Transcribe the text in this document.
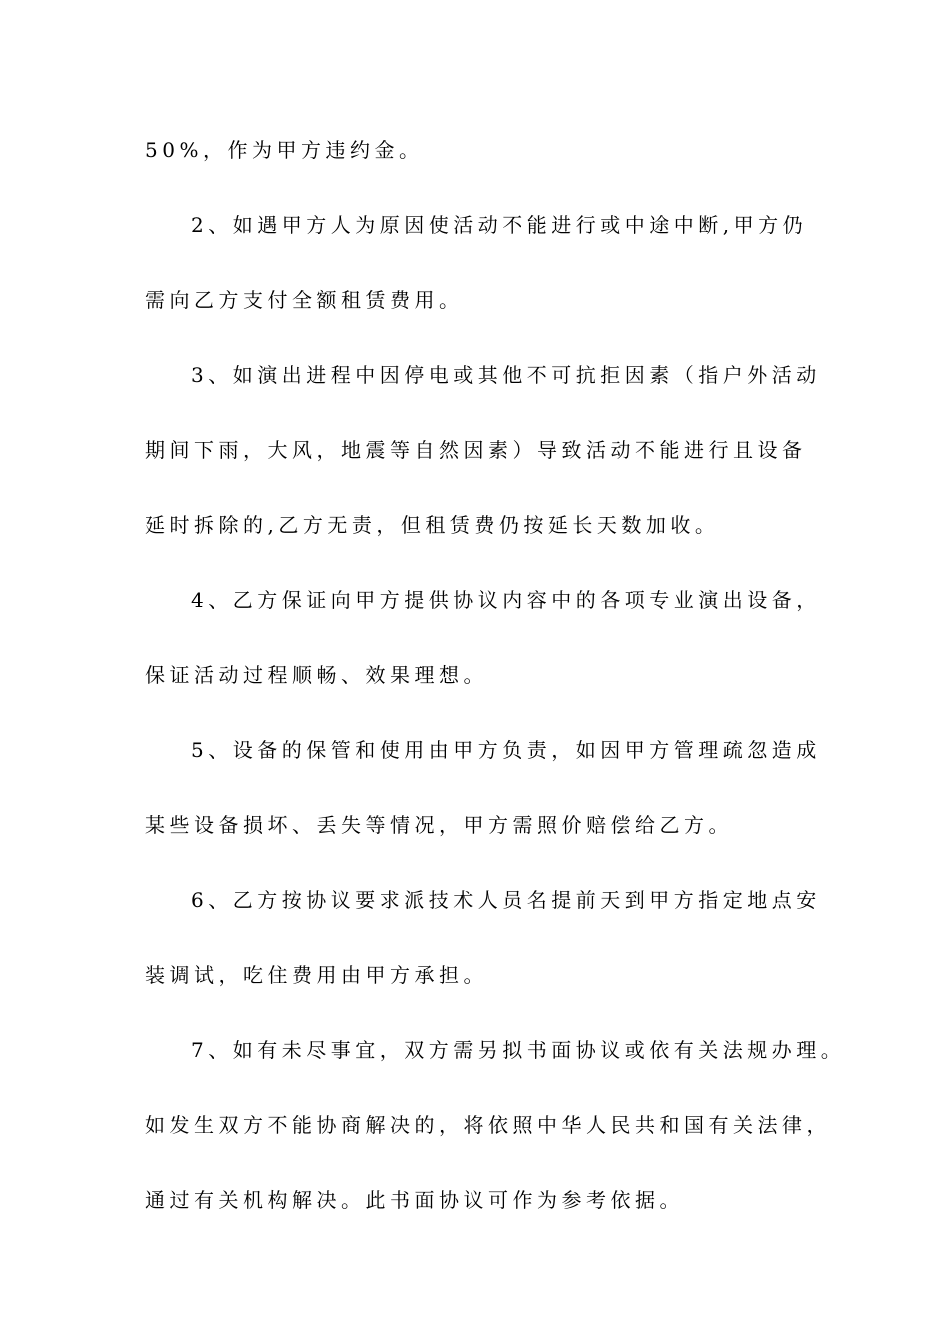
50%，作为甲方违约金。
2、如遇甲方人为原因使活动不能进行或中途中断,甲方仍
需向乙方支付全额租赁费用。
3、如演出进程中因停电或其他不可抗拒因素（指户外活动
期间下雨，大风，地震等自然因素）导致活动不能进行且设备
延时拆除的,乙方无责，但租赁费仍按延长天数加收。
4、乙方保证向甲方提供协议内容中的各项专业演出设备，
保证活动过程顺畅、效果理想。
5、设备的保管和使用由甲方负责，如因甲方管理疏忽造成
某些设备损坏、丢失等情况，甲方需照价赔偿给乙方。
6、乙方按协议要求派技术人员名提前天到甲方指定地点安
装调试，吃住费用由甲方承担。
7、如有未尽事宜，双方需另拟书面协议或依有关法规办理。
如发生双方不能协商解决的，将依照中华人民共和国有关法律，
通过有关机构解决。此书面协议可作为参考依据。
